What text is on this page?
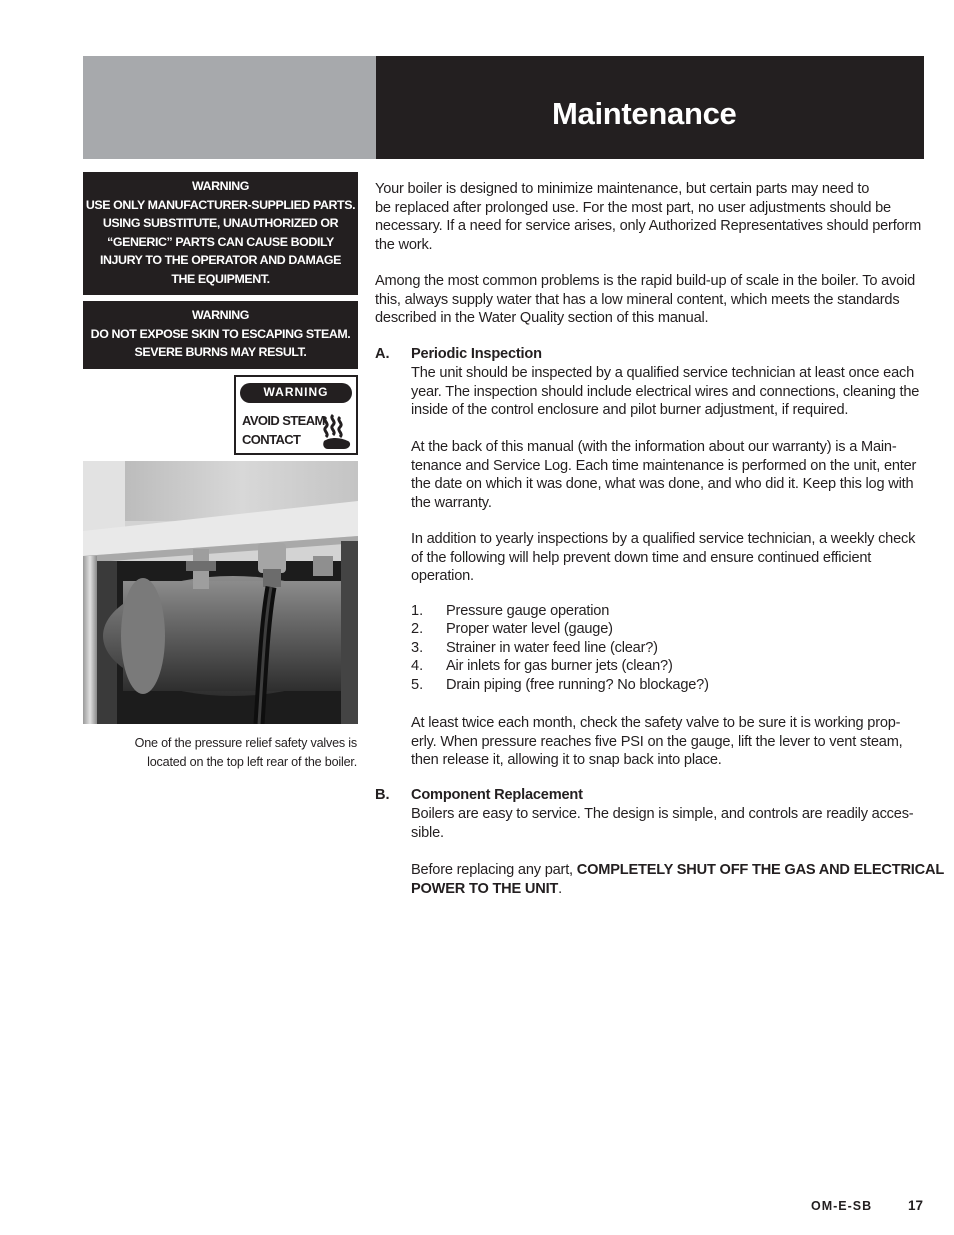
Maintenance
WARNING
USE ONLY MANUFACTURER-SUPPLIED PARTS.
USING SUBSTITUTE, UNAUTHORIZED OR
“GENERIC” PARTS CAN CAUSE BODILY
INJURY TO THE OPERATOR AND DAMAGE
THE EQUIPMENT.
WARNING
DO NOT EXPOSE SKIN TO ESCAPING STEAM.
SEVERE BURNS MAY RESULT.
WARNING
AVOID STEAM
CONTACT
One of the pressure relief safety valves is
located on the top left rear of the boiler.
Your boiler is designed to minimize maintenance, but certain parts may need to
be replaced after prolonged use. For the most part, no user adjustments should be
necessary. If a need for service arises, only Authorized Representatives should perform
the work.
Among the most common problems is the rapid build-up of scale in the boiler. To avoid
this, always supply water that has a low mineral content, which meets the standards
described in the Water Quality section of this manual.
A. Periodic Inspection
The unit should be inspected by a qualified service technician at least once each
year. The inspection should include electrical wires and connections, cleaning the
inside of the control enclosure and pilot burner adjustment, if required.
At the back of this manual (with the information about our warranty) is a Main-
tenance and Service Log. Each time maintenance is performed on the unit, enter
the date on which it was done, what was done, and who did it. Keep this log with
the warranty.
In addition to yearly inspections by a qualified service technician, a weekly check
of the following will help prevent down time and ensure continued efficient
operation.
1. Pressure gauge operation
2. Proper water level (gauge)
3. Strainer in water feed line (clear?)
4. Air inlets for gas burner jets (clean?)
5. Drain piping (free running? No blockage?)
At least twice each month, check the safety valve to be sure it is working prop-
erly. When pressure reaches five PSI on the gauge, lift the lever to vent steam,
then release it, allowing it to snap back into place.
B. Component Replacement
Boilers are easy to service. The design is simple, and controls are readily acces-
sible.
Before replacing any part, COMPLETELY SHUT OFF THE GAS AND ELECTRICAL
POWER TO THE UNIT.
OM-E-SB	17
